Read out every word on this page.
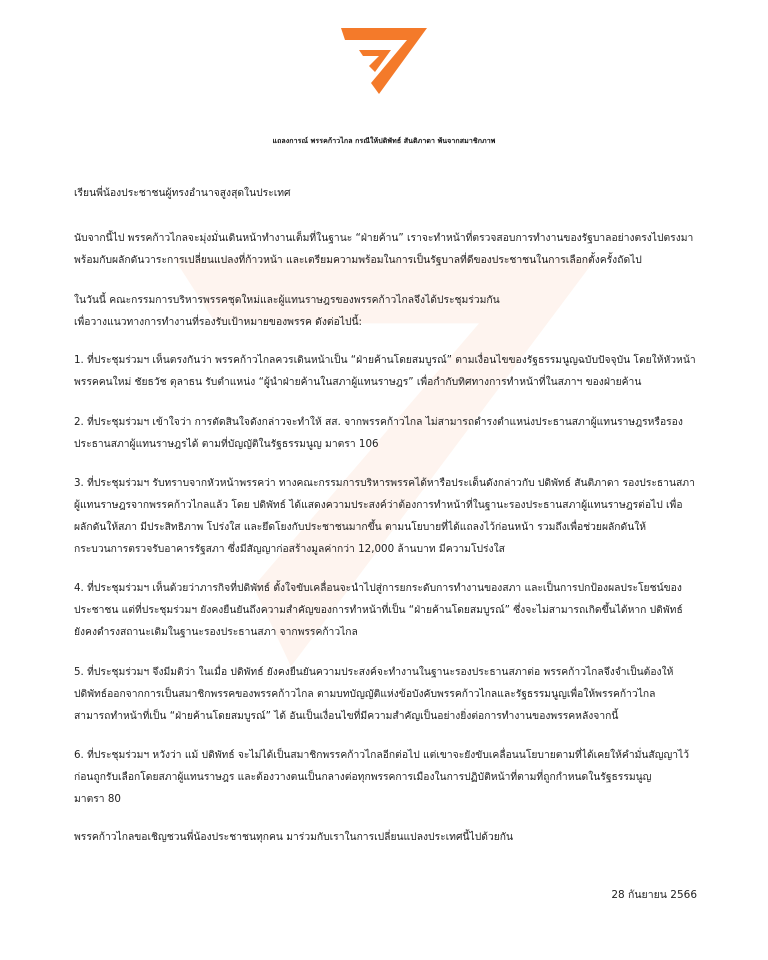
แถลงการณ์ พรรคก้าวไกล กรณีให้ปดิพัทธ์ สันติภาดา พ้นจากสมาชิกภาพ
เรียนพี่น้องประชาชนผู้ทรงอำนาจสูงสุดในประเทศ
นับจากนี้ไป พรรคก้าวไกลจะมุ่งมั่นเดินหน้าทำงานเต็มที่ในฐานะ “ฝ่ายค้าน” เราจะทำหน้าที่ตรวจสอบการทำงานของรัฐบาลอย่างตรงไปตรงมา
พร้อมกับผลักดันวาระการเปลี่ยนแปลงที่ก้าวหน้า และเตรียมความพร้อมในการเป็นรัฐบาลที่ดีของประชาชนในการเลือกตั้งครั้งถัดไป
ในวันนี้ คณะกรรมการบริหารพรรคชุดใหม่และผู้แทนราษฎรของพรรคก้าวไกลจึงได้ประชุมร่วมกัน
เพื่อวางแนวทางการทำงานที่รองรับเป้าหมายของพรรค ดังต่อไปนี้:
1. ที่ประชุมร่วมฯ เห็นตรงกันว่า พรรคก้าวไกลควรเดินหน้าเป็น “ฝ่ายค้านโดยสมบูรณ์” ตามเงื่อนไขของรัฐธรรมนูญฉบับปัจจุบัน โดยให้หัวหน้า
พรรคคนใหม่ ชัยธวัช ตุลาธน รับตำแหน่ง “ผู้นำฝ่ายค้านในสภาผู้แทนราษฎร” เพื่อกำกับทิศทางการทำหน้าที่ในสภาฯ ของฝ่ายค้าน
2. ที่ประชุมร่วมฯ เข้าใจว่า การตัดสินใจดังกล่าวจะทำให้ สส. จากพรรคก้าวไกล ไม่สามารถดำรงตำแหน่งประธานสภาผู้แทนราษฎรหรือรอง
ประธานสภาผู้แทนราษฎรได้ ตามที่บัญญัติในรัฐธรรมนูญ มาตรา 106
3. ที่ประชุมร่วมฯ รับทราบจากหัวหน้าพรรคว่า ทางคณะกรรมการบริหารพรรคได้หารือประเด็นดังกล่าวกับ ปดิพัทธ์ สันติภาดา รองประธานสภา
ผู้แทนราษฎรจากพรรคก้าวไกลแล้ว โดย ปดิพัทธ์ ได้แสดงความประสงค์ว่าต้องการทำหน้าที่ในฐานะรองประธานสภาผู้แทนราษฎรต่อไป เพื่อ
ผลักดันให้สภา มีประสิทธิภาพ โปร่งใส และยึดโยงกับประชาชนมากขึ้น ตามนโยบายที่ได้แถลงไว้ก่อนหน้า รวมถึงเพื่อช่วยผลักดันให้
กระบวนการตรวจรับอาคารรัฐสภา ซึ่งมีสัญญาก่อสร้างมูลค่ากว่า 12,000 ล้านบาท มีความโปร่งใส
4. ที่ประชุมร่วมฯ เห็นด้วยว่าภารกิจที่ปดิพัทธ์ ตั้งใจขับเคลื่อนจะนำไปสู่การยกระดับการทำงานของสภา และเป็นการปกป้องผลประโยชน์ของ
ประชาชน แต่ที่ประชุมร่วมฯ ยังคงยืนยันถึงความสำคัญของการทำหน้าที่เป็น “ฝ่ายค้านโดยสมบูรณ์” ซึ่งจะไม่สามารถเกิดขึ้นได้หาก ปดิพัทธ์
ยังคงดำรงสถานะเดิมในฐานะรองประธานสภา จากพรรคก้าวไกล
5. ที่ประชุมร่วมฯ จึงมีมติว่า ในเมื่อ ปดิพัทธ์ ยังคงยืนยันความประสงค์จะทำงานในฐานะรองประธานสภาต่อ พรรคก้าวไกลจึงจำเป็นต้องให้
ปดิพัทธ์ออกจากการเป็นสมาชิกพรรคของพรรคก้าวไกล ตามบทบัญญัติแห่งข้อบังคับพรรคก้าวไกลและรัฐธรรมนูญเพื่อให้พรรคก้าวไกล
สามารถทำหน้าที่เป็น “ฝ่ายค้านโดยสมบูรณ์” ได้ อันเป็นเงื่อนไขที่มีความสำคัญเป็นอย่างยิ่งต่อการทำงานของพรรคหลังจากนี้
6. ที่ประชุมร่วมฯ หวังว่า แม้ ปดิพัทธ์ จะไม่ได้เป็นสมาชิกพรรคก้าวไกลอีกต่อไป แต่เขาจะยังขับเคลื่อนนโยบายตามที่ได้เคยให้คำมั่นสัญญาไว้
ก่อนถูกรับเลือกโดยสภาผู้แทนราษฎร และต้องวางตนเป็นกลางต่อทุกพรรคการเมืองในการปฏิบัติหน้าที่ตามที่ถูกกำหนดในรัฐธรรมนูญ
มาตรา 80
พรรคก้าวไกลขอเชิญชวนพี่น้องประชาชนทุกคน มาร่วมกับเราในการเปลี่ยนแปลงประเทศนี้ไปด้วยกัน
28 กันยายน 2566
